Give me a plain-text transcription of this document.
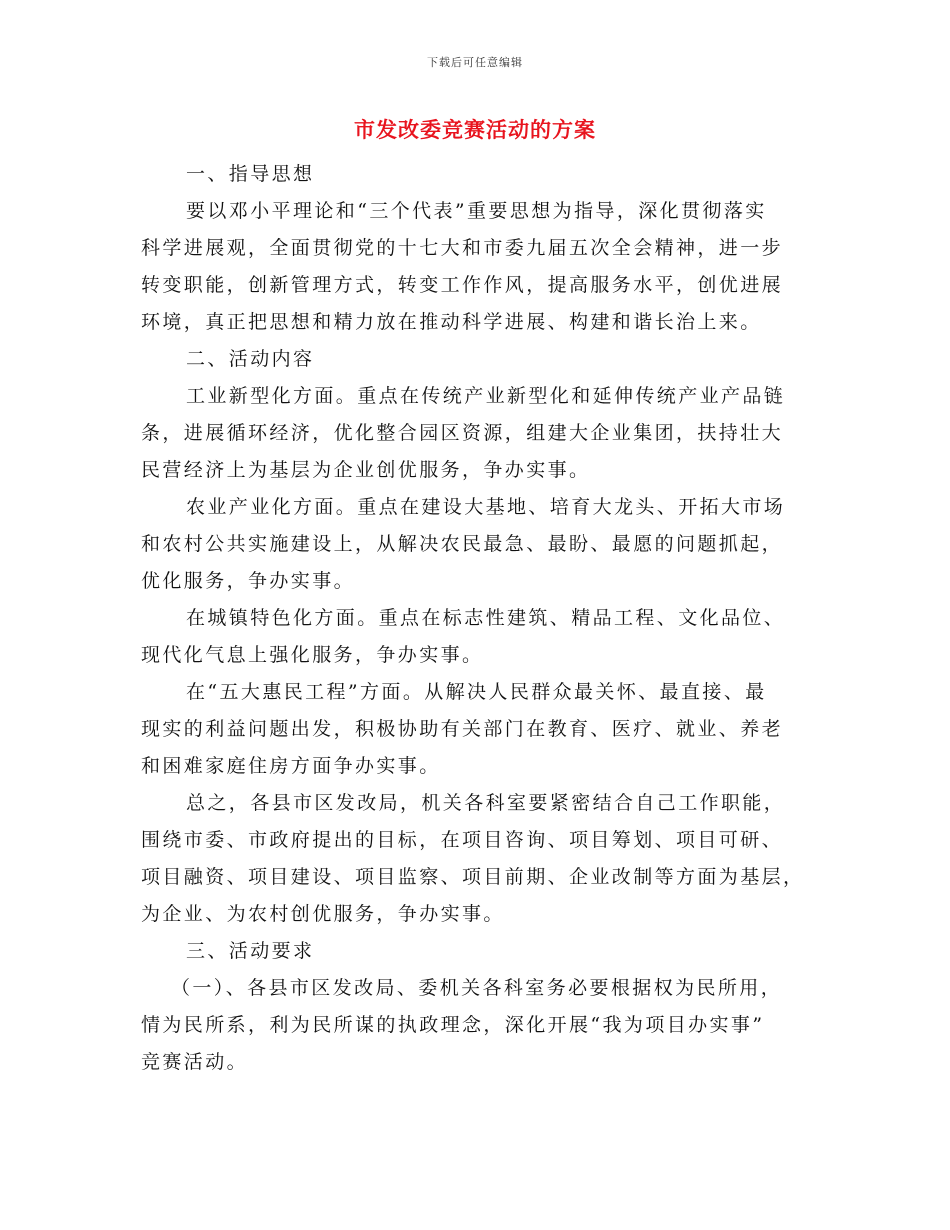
下载后可任意编辑
市发改委竞赛活动的方案
一、指导思想
要以邓小平理论和“三个代表”重要思想为指导，深化贯彻落实
科学进展观，全面贯彻党的十七大和市委九届五次全会精神，进一步
转变职能，创新管理方式，转变工作作风，提高服务水平，创优进展
环境，真正把思想和精力放在推动科学进展、构建和谐长治上来。
二、活动内容
工业新型化方面。重点在传统产业新型化和延伸传统产业产品链
条，进展循环经济，优化整合园区资源，组建大企业集团，扶持壮大
民营经济上为基层为企业创优服务，争办实事。
农业产业化方面。重点在建设大基地、培育大龙头、开拓大市场
和农村公共实施建设上，从解决农民最急、最盼、最愿的问题抓起，
优化服务，争办实事。
在城镇特色化方面。重点在标志性建筑、精品工程、文化品位、
现代化气息上强化服务，争办实事。
在“五大惠民工程”方面。从解决人民群众最关怀、最直接、最
现实的利益问题出发，积极协助有关部门在教育、医疗、就业、养老
和困难家庭住房方面争办实事。
总之，各县市区发改局，机关各科室要紧密结合自己工作职能，
围绕市委、市政府提出的目标，在项目咨询、项目筹划、项目可研、
项目融资、项目建设、项目监察、项目前期、企业改制等方面为基层，
为企业、为农村创优服务，争办实事。
三、活动要求
（一）、各县市区发改局、委机关各科室务必要根据权为民所用，
情为民所系，利为民所谋的执政理念，深化开展“我为项目办实事”
竞赛活动。
